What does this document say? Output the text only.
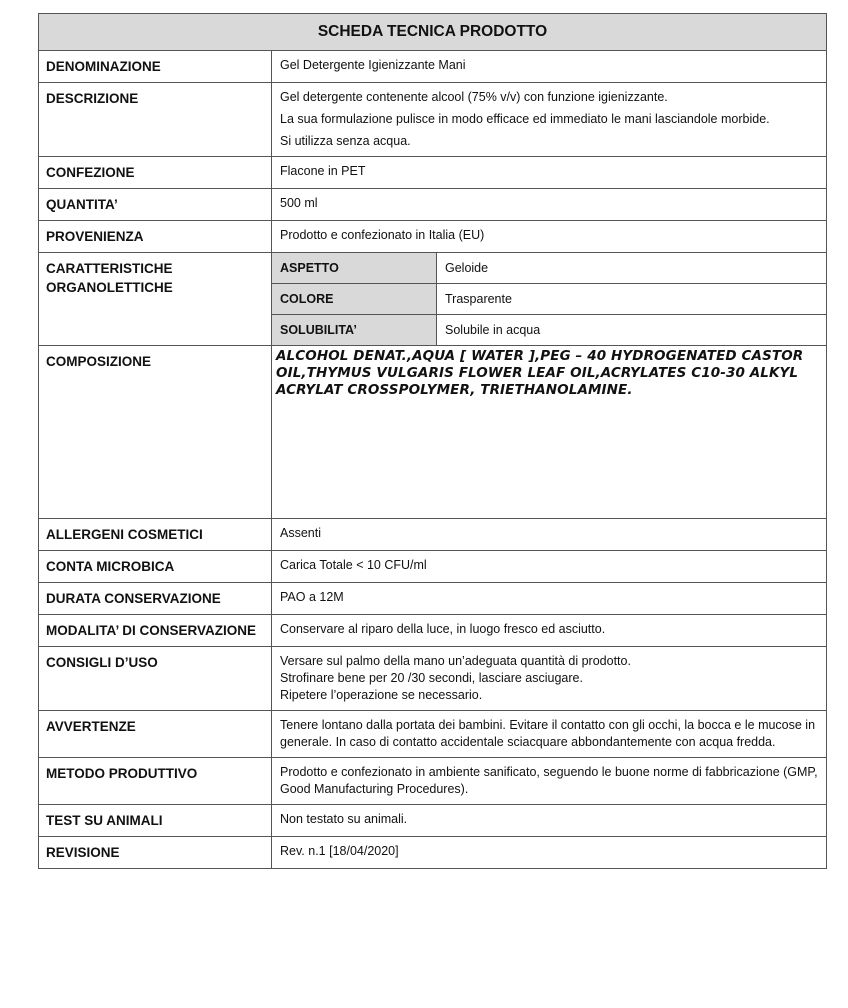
SCHEDA TECNICA PRODOTTO
DENOMINAZIONE	Gel Detergente Igienizzante Mani
DESCRIZIONE	Gel detergente contenente alcool (75% v/v) con funzione igienizzante.
La sua formulazione pulisce in modo efficace ed immediato le mani lasciandole morbide.
Si utilizza senza acqua.

CONFEZIONE	Flacone in PET
QUANTITA’	500 ml
PROVENIENZA	Prodotto e confezionato in Italia (EU)
CARATTERISTICHE ORGANOLETTICHE	
ASPETTO	Geloide
COLORE	Trasparente
SOLUBILITA’	Solubile in acqua

COMPOSIZIONE	ALCOHOL DENAT.,AQUA [ WATER ],PEG – 40 HYDROGENATED CASTOR OIL,THYMUS VULGARIS FLOWER LEAF OIL,ACRYLATES C10-30 ALKYL ACRYLAT CROSSPOLYMER, TRIETHANOLAMINE.

ALLERGENI COSMETICI	Assenti
CONTA MICROBICA	Carica Totale < 10 CFU/ml
DURATA CONSERVAZIONE	PAO a 12M
MODALITA’ DI CONSERVAZIONE	Conservare al riparo della luce, in luogo fresco ed asciutto.
CONSIGLI D’USO	Versare sul palmo della mano un’adeguata quantità di prodotto.
Strofinare bene per 20 /30 secondi, lasciare asciugare.
Ripetere l’operazione se necessario.

AVVERTENZE	Tenere lontano dalla portata dei bambini. Evitare il contatto con gli occhi, la bocca e le mucose in generale. In caso di contatto accidentale sciacquare abbondantemente con acqua fredda.
METODO PRODUTTIVO	Prodotto e confezionato in ambiente sanificato, seguendo le buone norme di fabbricazione (GMP, Good Manufacturing Procedures).
TEST SU ANIMALI	Non testato su animali.
REVISIONE	Rev. n.1 [18/04/2020]
